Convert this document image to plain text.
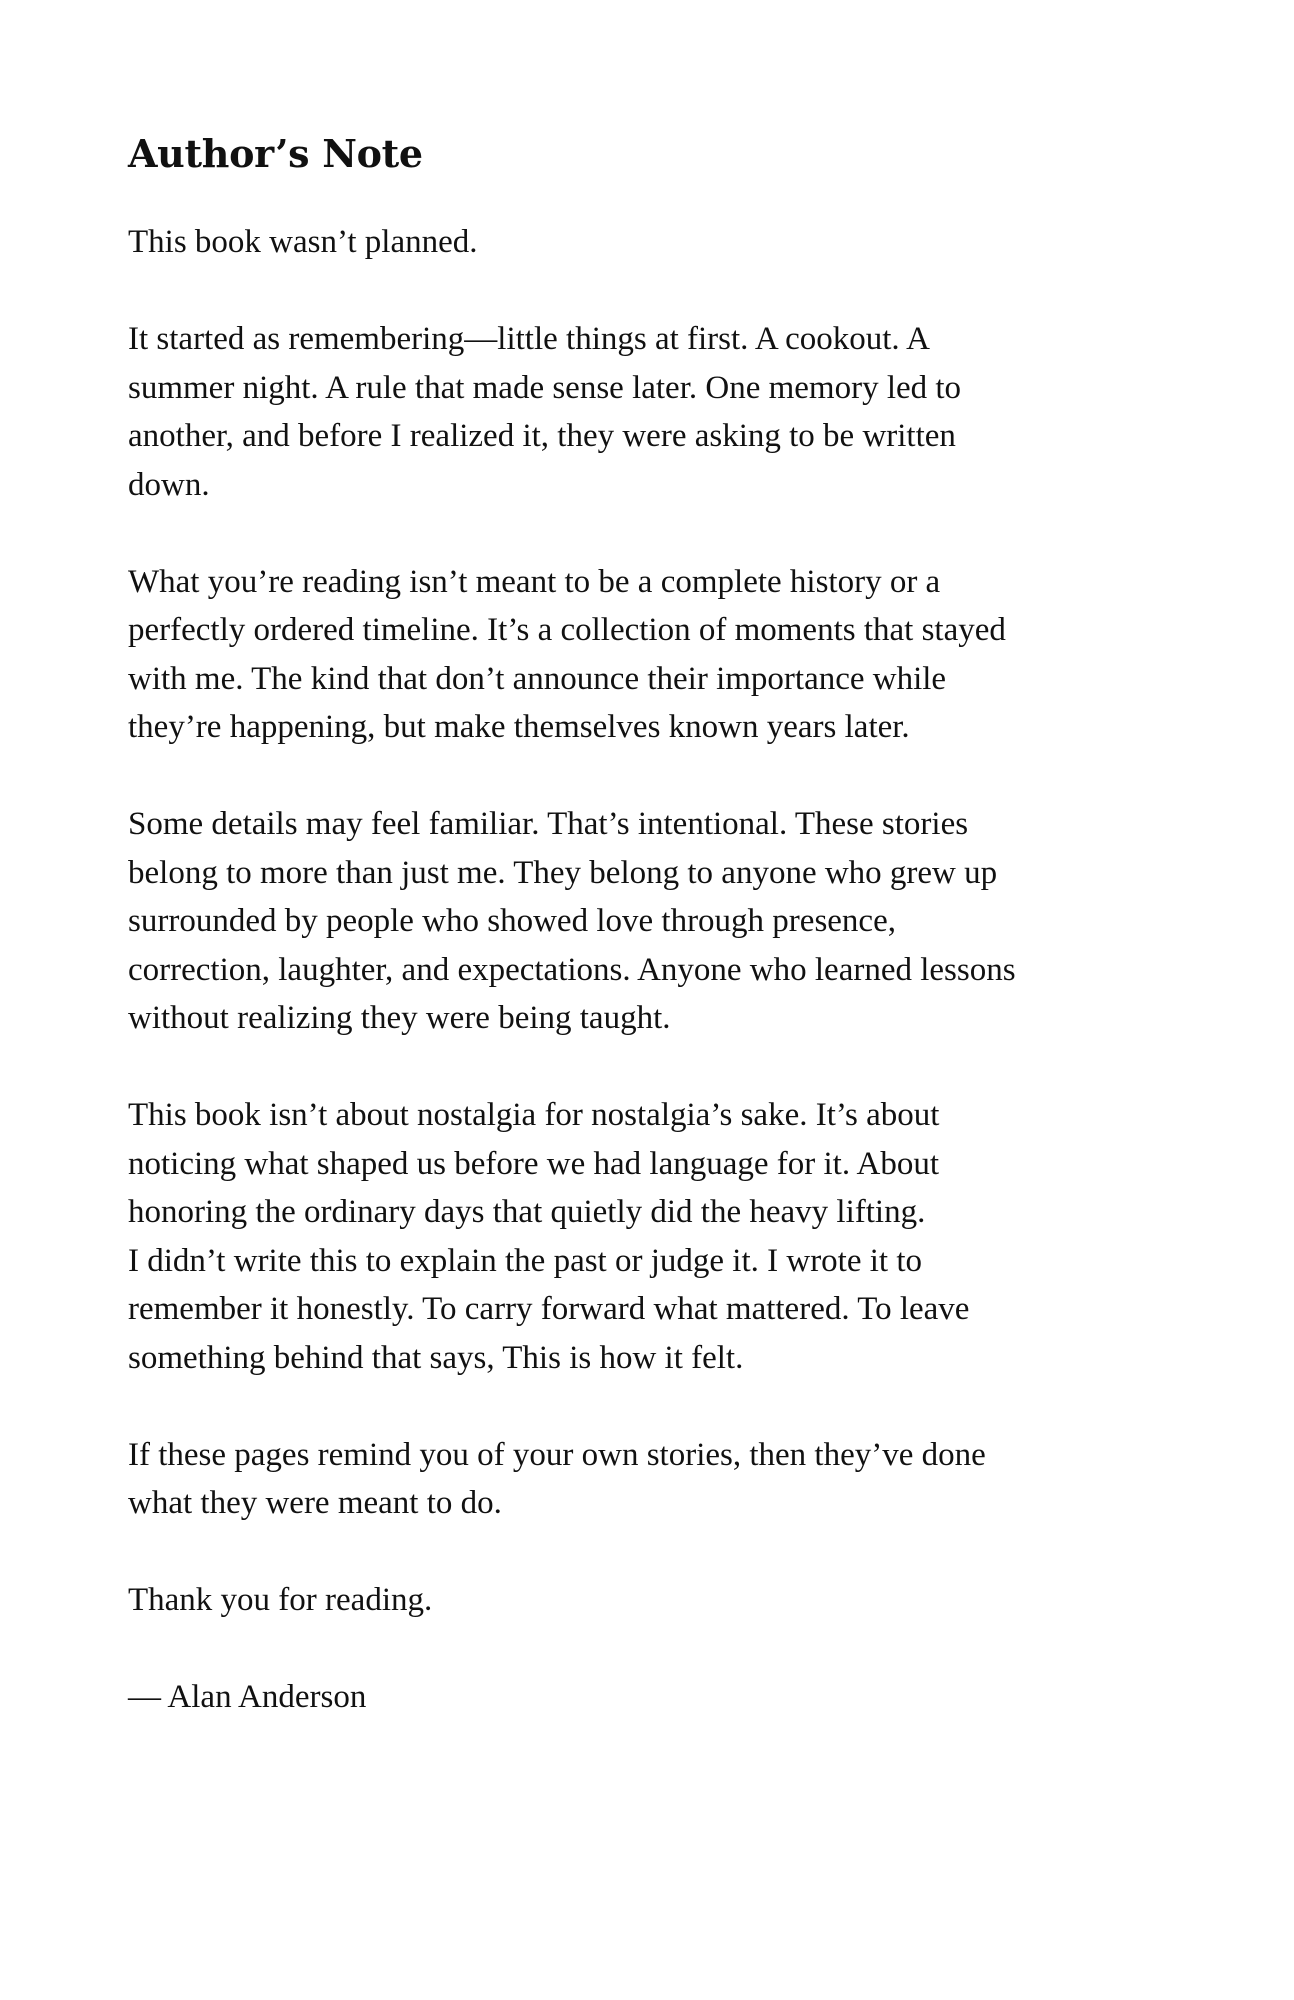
Author’s Note

This book wasn’t planned.

It started as remembering—little things at first. A cookout. A
summer night. A rule that made sense later. One memory led to
another, and before I realized it, they were asking to be written
down.

What you’re reading isn’t meant to be a complete history or a
perfectly ordered timeline. It’s a collection of moments that stayed
with me. The kind that don’t announce their importance while
they’re happening, but make themselves known years later.

Some details may feel familiar. That’s intentional. These stories
belong to more than just me. They belong to anyone who grew up
surrounded by people who showed love through presence,
correction, laughter, and expectations. Anyone who learned lessons
without realizing they were being taught.

This book isn’t about nostalgia for nostalgia’s sake. It’s about
noticing what shaped us before we had language for it. About
honoring the ordinary days that quietly did the heavy lifting.

I didn’t write this to explain the past or judge it. I wrote it to
remember it honestly. To carry forward what mattered. To leave
something behind that says, This is how it felt.

If these pages remind you of your own stories, then they’ve done
what they were meant to do.

Thank you for reading.

— Alan Anderson
